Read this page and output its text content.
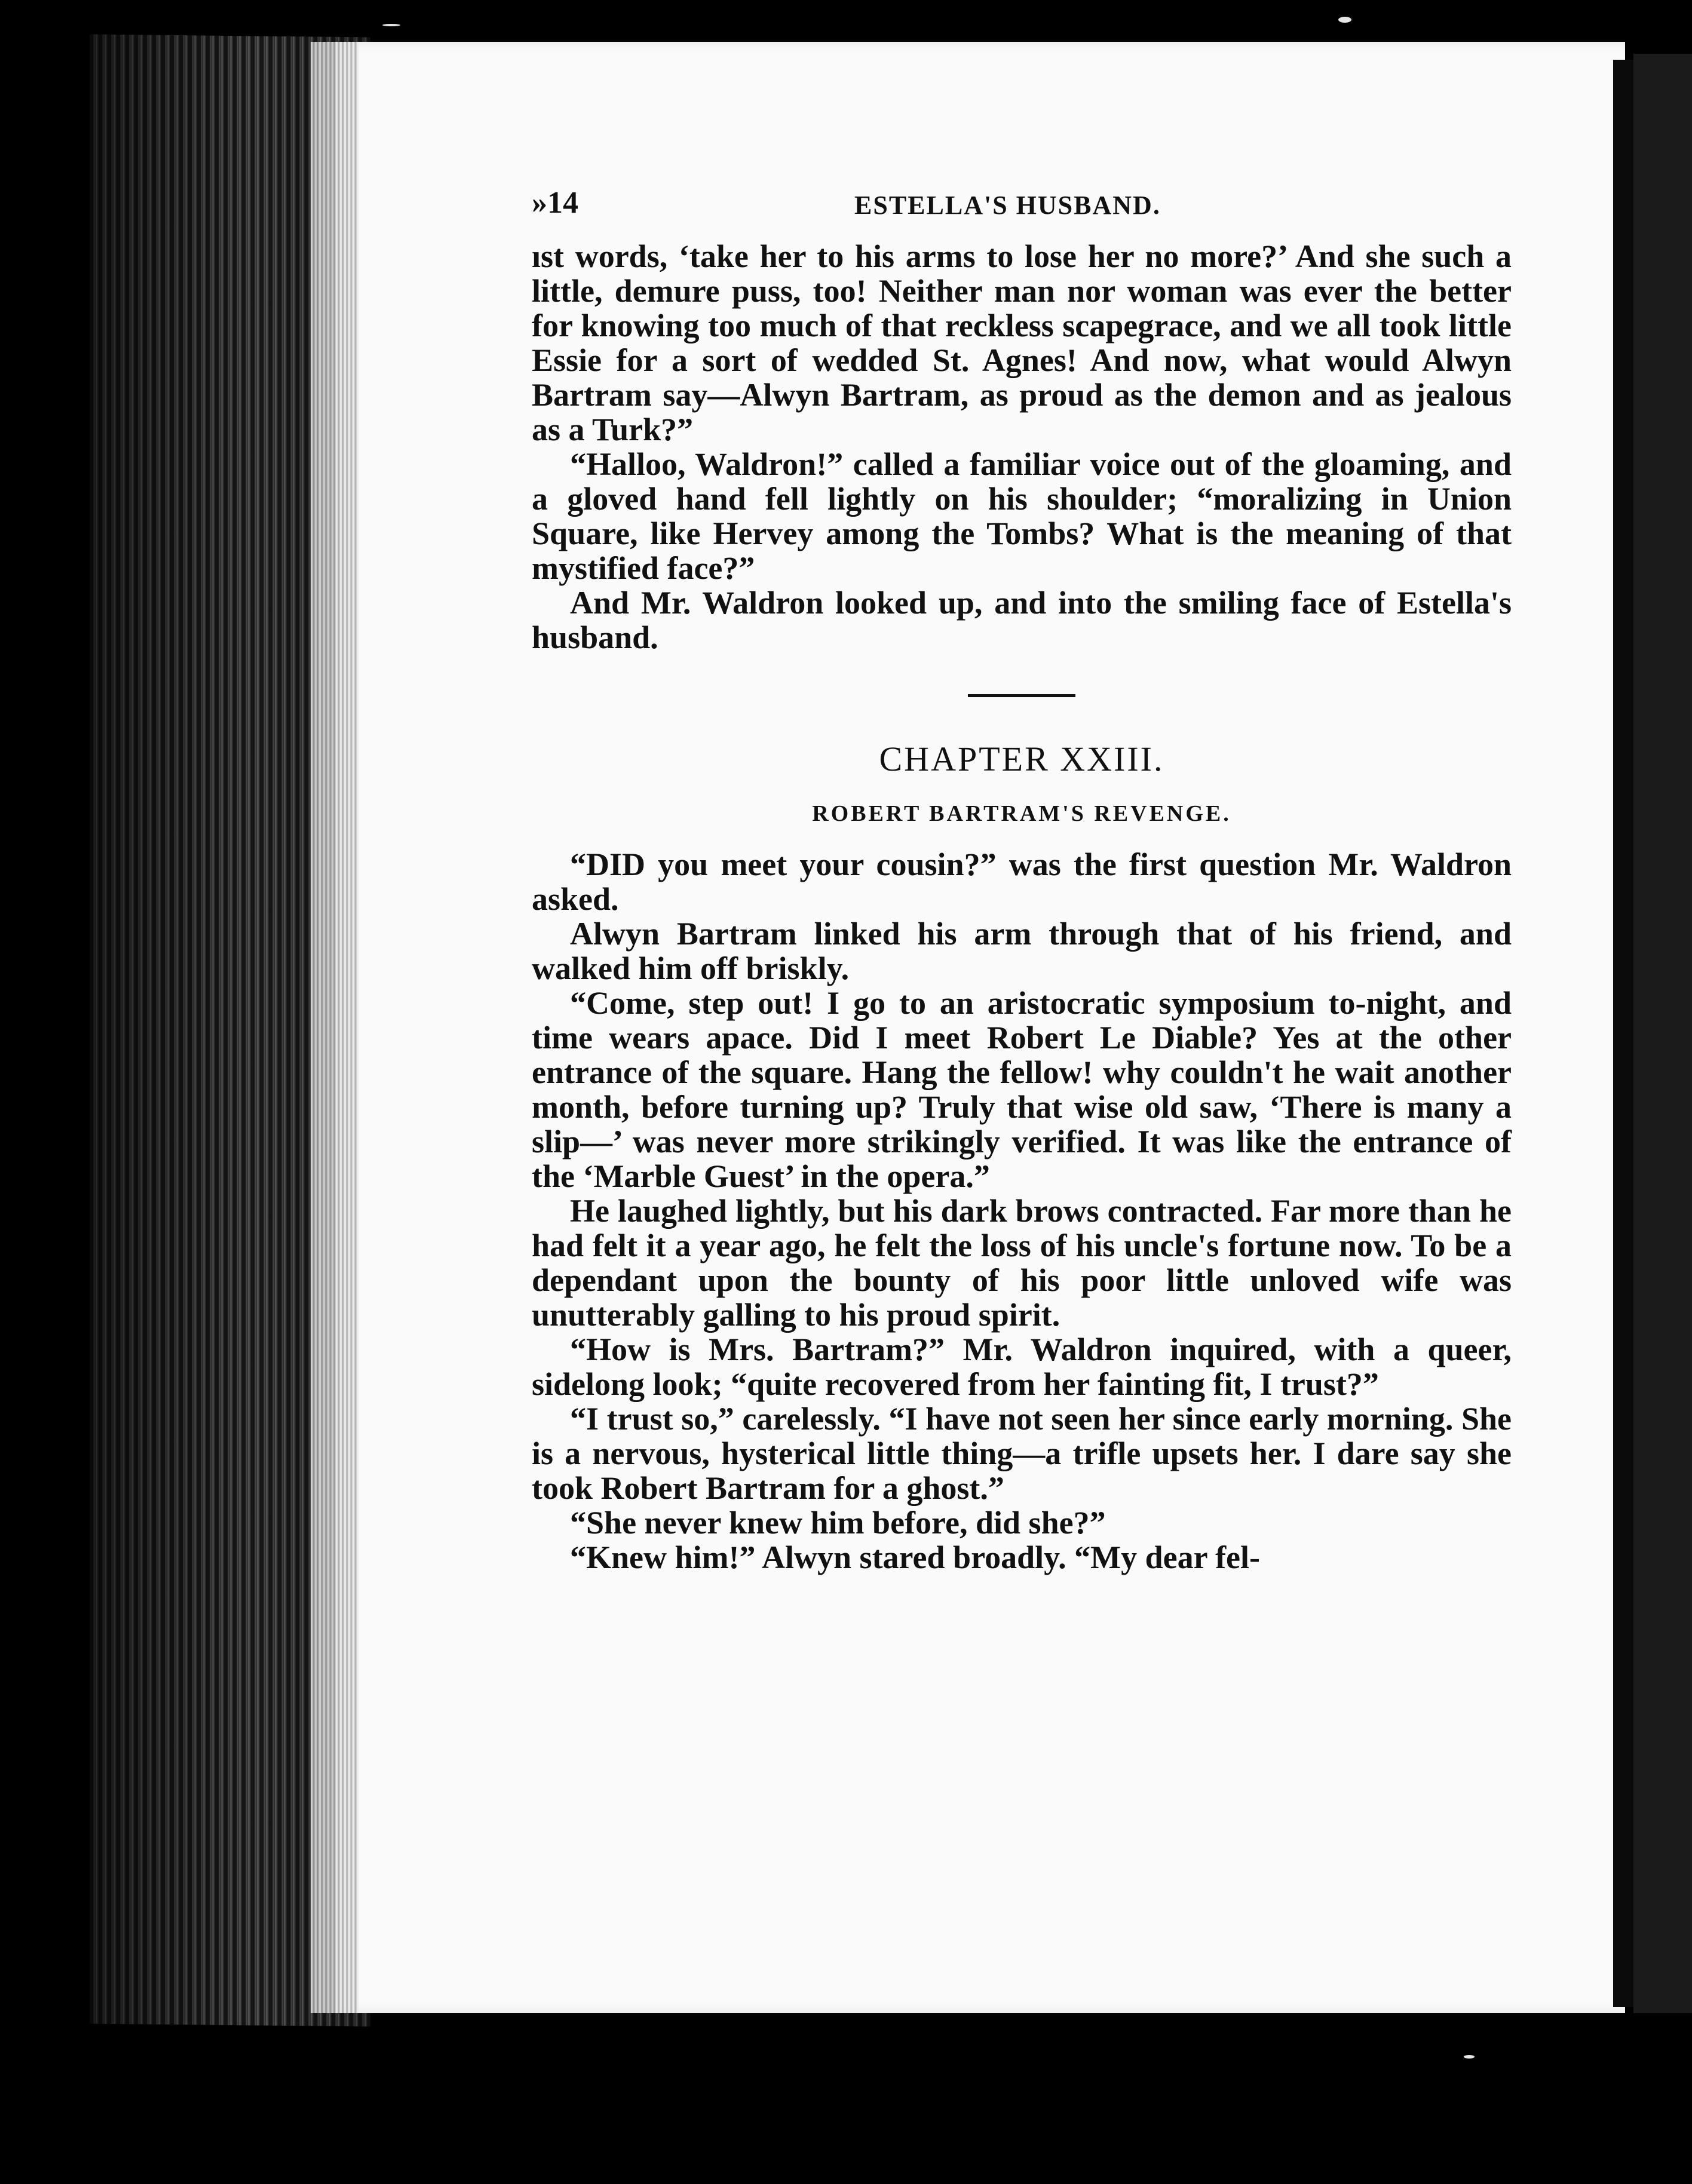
»14	ESTELLA'S HUSBAND.

ıst words, ‘take her to his arms to lose her no more?’ And she such a little, demure puss, too! Neither man nor woman was ever the better for knowing too much of that reckless scapegrace, and we all took little Essie for a sort of wedded St. Agnes! And now, what would Alwyn Bartram say—Alwyn Bartram, as proud as the demon and as jealous as a Turk?”

“Halloo, Waldron!” called a familiar voice out of the gloaming, and a gloved hand fell lightly on his shoulder; “moralizing in Union Square, like Hervey among the Tombs? What is the meaning of that mystified face?”

And Mr. Waldron looked up, and into the smiling face of Estella's husband.

CHAPTER XXIII.
ROBERT BARTRAM'S REVENGE.

“DID you meet your cousin?” was the first question Mr. Waldron asked.

Alwyn Bartram linked his arm through that of his friend, and walked him off briskly.

“Come, step out! I go to an aristocratic symposium to-night, and time wears apace. Did I meet Robert Le Diable? Yes at the other entrance of the square. Hang the fellow! why couldn't he wait another month, before turning up? Truly that wise old saw, ‘There is many a slip—’ was never more strikingly verified. It was like the entrance of the ‘Marble Guest’ in the opera.”

He laughed lightly, but his dark brows contracted. Far more than he had felt it a year ago, he felt the loss of his uncle's fortune now. To be a dependant upon the bounty of his poor little unloved wife was unutterably galling to his proud spirit.

“How is Mrs. Bartram?” Mr. Waldron inquired, with a queer, sidelong look; “quite recovered from her fainting fit, I trust?”

“I trust so,” carelessly. “I have not seen her since early morning. She is a nervous, hysterical little thing—a trifle upsets her. I dare say she took Robert Bartram for a ghost.”

“She never knew him before, did she?”

“Knew him!” Alwyn stared broadly. “My dear fel-
